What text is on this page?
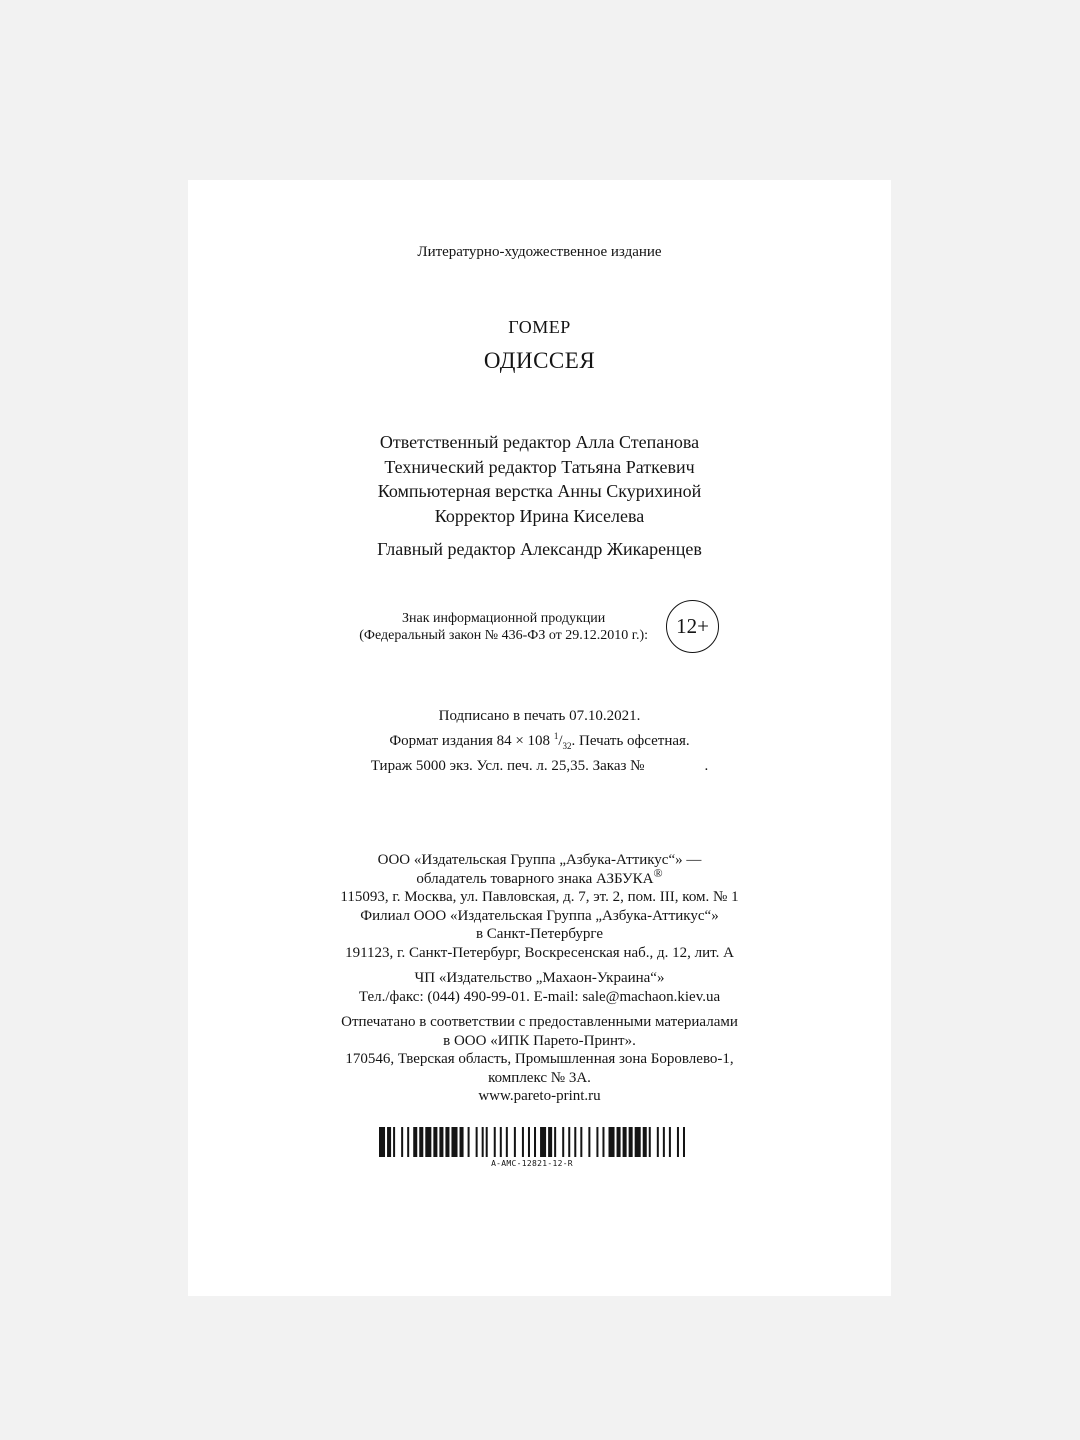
Литературно-художественное издание
ГОМЕР
ОДИССЕЯ
Ответственный редактор Алла Степанова
Технический редактор Татьяна Раткевич
Компьютерная верстка Анны Скурихиной
Корректор Ирина Киселева
Главный редактор Александр Жикаренцев
Знак информационной продукции
(Федеральный закон № 436-ФЗ от 29.12.2010 г.): 12+
Подписано в печать 07.10.2021.
Формат издания 84 × 108 $^1/_{32}$. Печать офсетная.
Тираж 5000 экз. Усл. печ. л. 25,35. Заказ №	.
ООО «Издательская Группа „Азбука-Аттикус“» —
обладатель товарного знака АЗБУКА®
115093, г. Москва, ул. Павловская, д. 7, эт. 2, пом. III, ком. № 1
Филиал ООО «Издательская Группа „Азбука-Аттикус“»
в Санкт-Петербурге
191123, г. Санкт-Петербург, Воскресенская наб., д. 12, лит. А
ЧП «Издательство „Махаон-Украина“»
Тел./факс: (044) 490-99-01. E-mail: sale@machaon.kiev.ua
Отпечатано в соответствии с предоставленными материалами
в ООО «ИПК Парето-Принт».
170546, Тверская область, Промышленная зона Боровлево-1,
комплекс № 3А.
www.pareto-print.ru
A-AMC-12821-12-R
